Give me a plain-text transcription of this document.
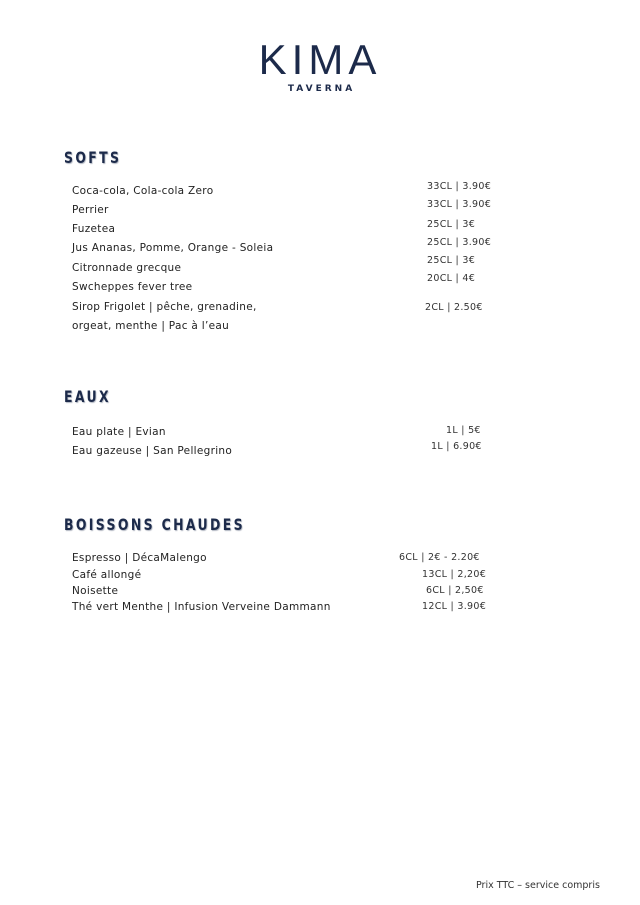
KIMA
TAVERNA
SOFTS
Coca-cola, Cola-cola Zero
Perrier
Fuzetea
Jus Ananas, Pomme, Orange - Soleia
Citronnade grecque
Swcheppes fever tree
Sirop Frigolet | pêche, grenadine,
orgeat, menthe | Pac à l’eau
33CL | 3.90€
33CL | 3.90€
25CL | 3€
25CL | 3.90€
25CL | 3€
20CL | 4€
2CL | 2.50€
EAUX
Eau plate | Evian
Eau gazeuse | San Pellegrino
1L | 5€
1L | 6.90€
BOISSONS CHAUDES
Espresso | DécaMalengo
Café allongé
Noisette
Thé vert Menthe | Infusion Verveine Dammann
6CL | 2€ - 2.20€
13CL | 2,20€
6CL | 2,50€
12CL | 3.90€
Prix TTC – service compris
